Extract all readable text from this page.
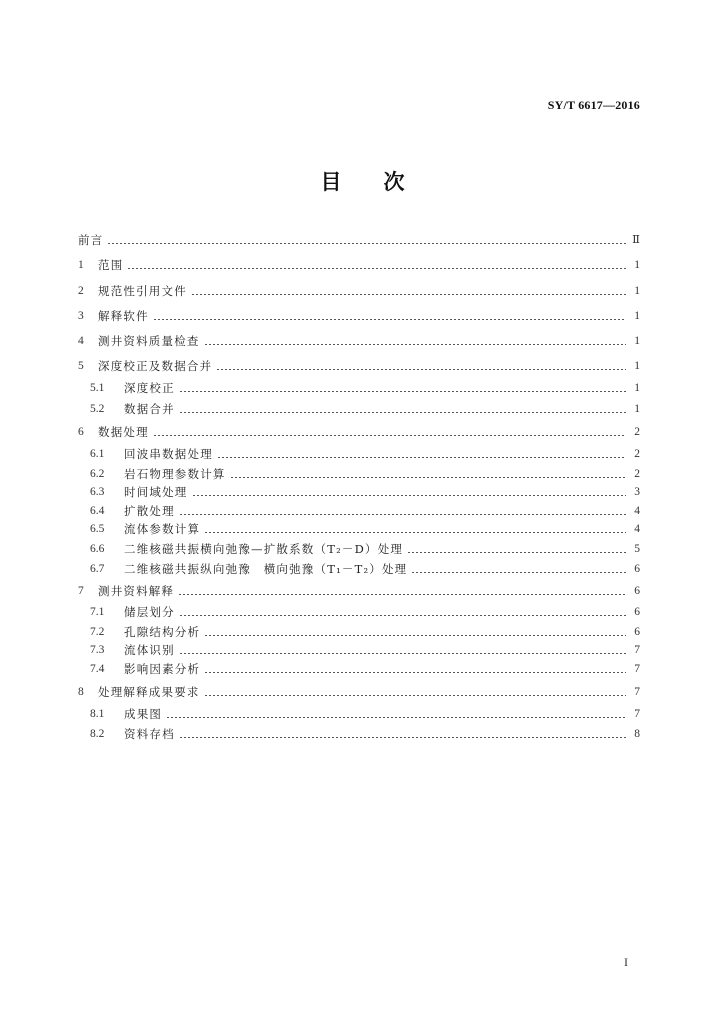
SY/T 6617—2016
目　　次
前言	Ⅱ
1	范围	1
2	规范性引用文件	1
3	解释软件	1
4	测井资料质量检查	1
5	深度校正及数据合并	1
5.1	深度校正	1
5.2	数据合并	1
6	数据处理	2
6.1	回波串数据处理	2
6.2	岩石物理参数计算	2
6.3	时间域处理	3
6.4	扩散处理	4
6.5	流体参数计算	4
6.6	二维核磁共振横向弛豫—扩散系数（T₂－D）处理	5
6.7	二维核磁共振纵向弛豫　横向弛豫（T₁－T₂）处理	6
7	测井资料解释	6
7.1	储层划分	6
7.2	孔隙结构分析	6
7.3	流体识别	7
7.4	影响因素分析	7
8	处理解释成果要求	7
8.1	成果图	7
8.2	资料存档	8
I
